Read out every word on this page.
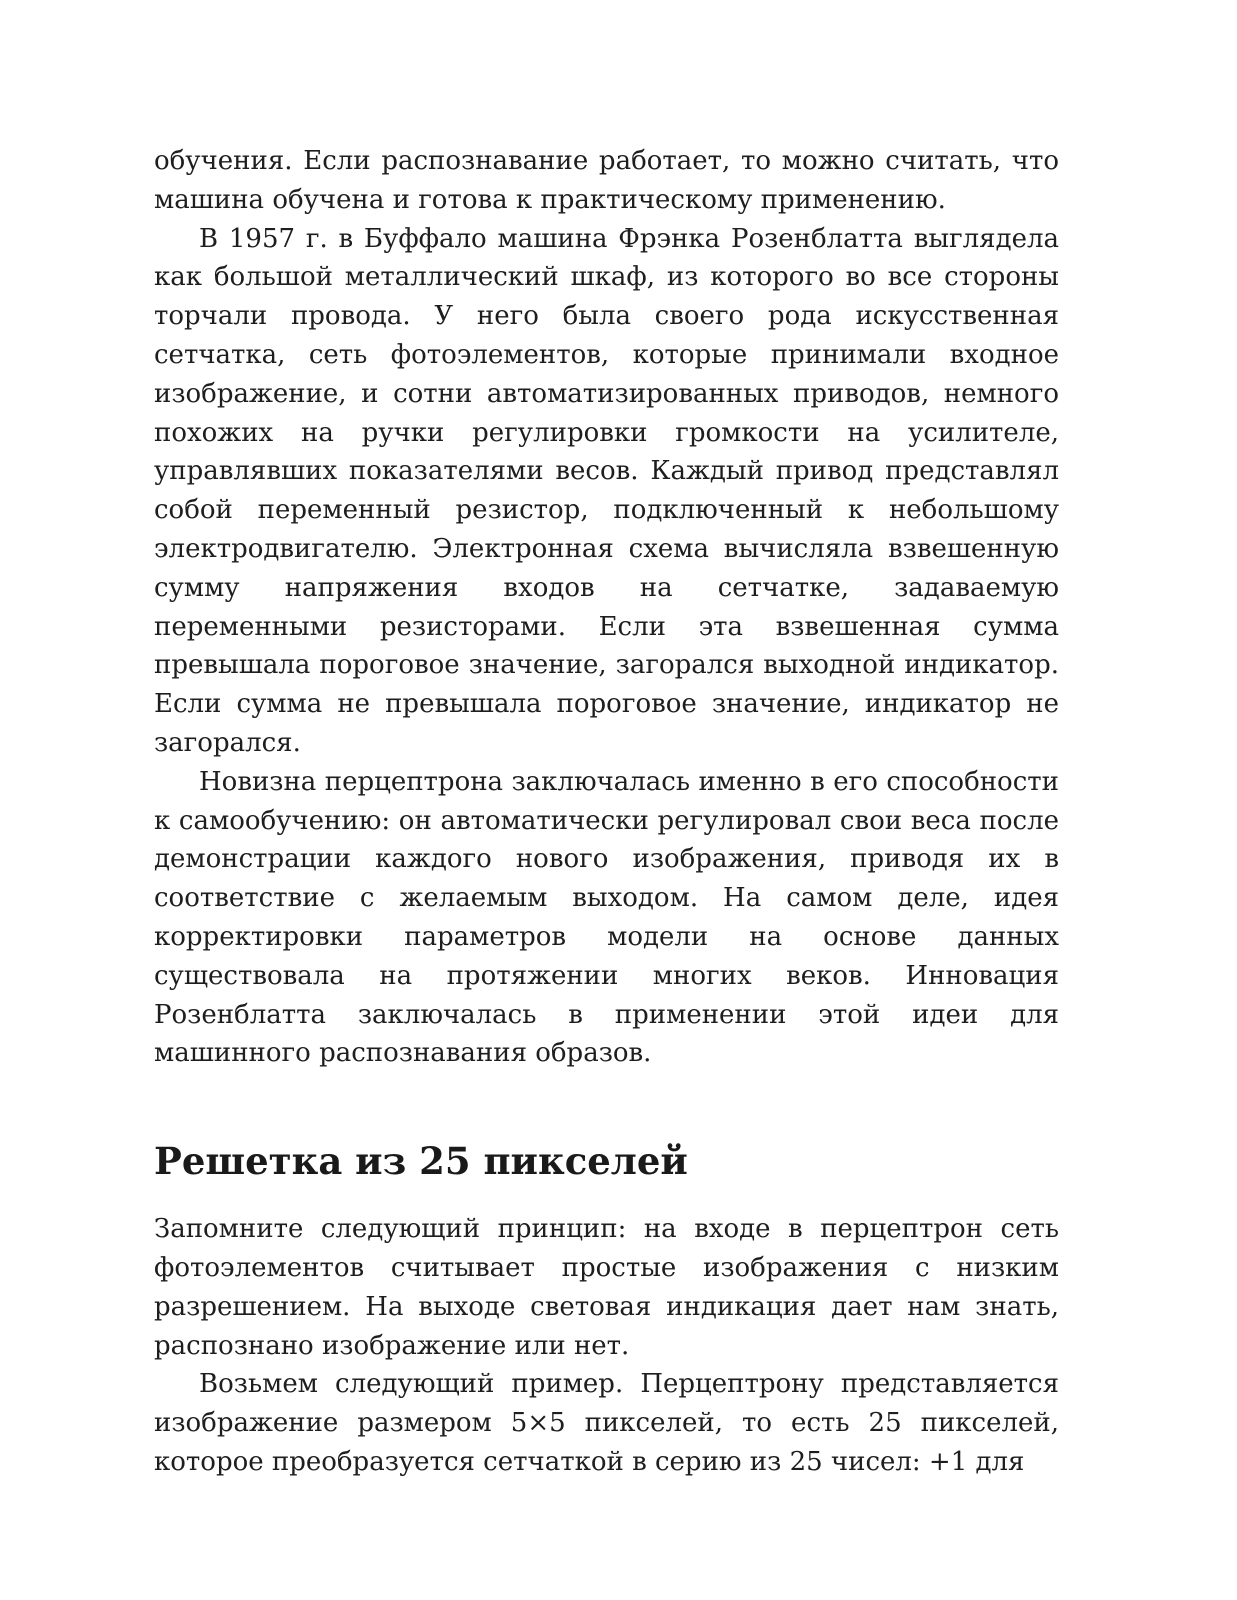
обучения. Если распознавание работает, то можно считать, что машина обучена и готова к практическому применению.

В 1957 г. в Буффало машина Фрэнка Розенблатта выглядела как большой металлический шкаф, из которого во все стороны торчали провода. У него была своего рода искусственная сетчатка, сеть фотоэлементов, которые принимали входное изображение, и сотни автоматизированных приводов, немного похожих на ручки регулировки громкости на усилителе, управлявших показателями весов. Каждый привод представлял собой переменный резистор, подключенный к небольшому электродвигателю. Электронная схема вычисляла взвешенную сумму напряжения входов на сетчатке, задаваемую переменными резисторами. Если эта взвешенная сумма превышала пороговое значение, загорался выходной индикатор. Если сумма не превышала пороговое значение, индикатор не загорался.

Новизна перцептрона заключалась именно в его способности к самообучению: он автоматически регулировал свои веса после демонстрации каждого нового изображения, приводя их в соответствие с желаемым выходом. На самом деле, идея корректировки параметров модели на основе данных существовала на протяжении многих веков. Инновация Розенблатта заключалась в применении этой идеи для машинного распознавания образов.

Решетка из 25 пикселей

Запомните следующий принцип: на входе в перцептрон сеть фотоэлементов считывает простые изображения с низким разрешением. На выходе световая индикация дает нам знать, распознано изображение или нет.

Возьмем следующий пример. Перцептрону представляется изображение размером 5×5 пикселей, то есть 25 пикселей, которое преобразуется сетчаткой в серию из 25 чисел: +1 для
